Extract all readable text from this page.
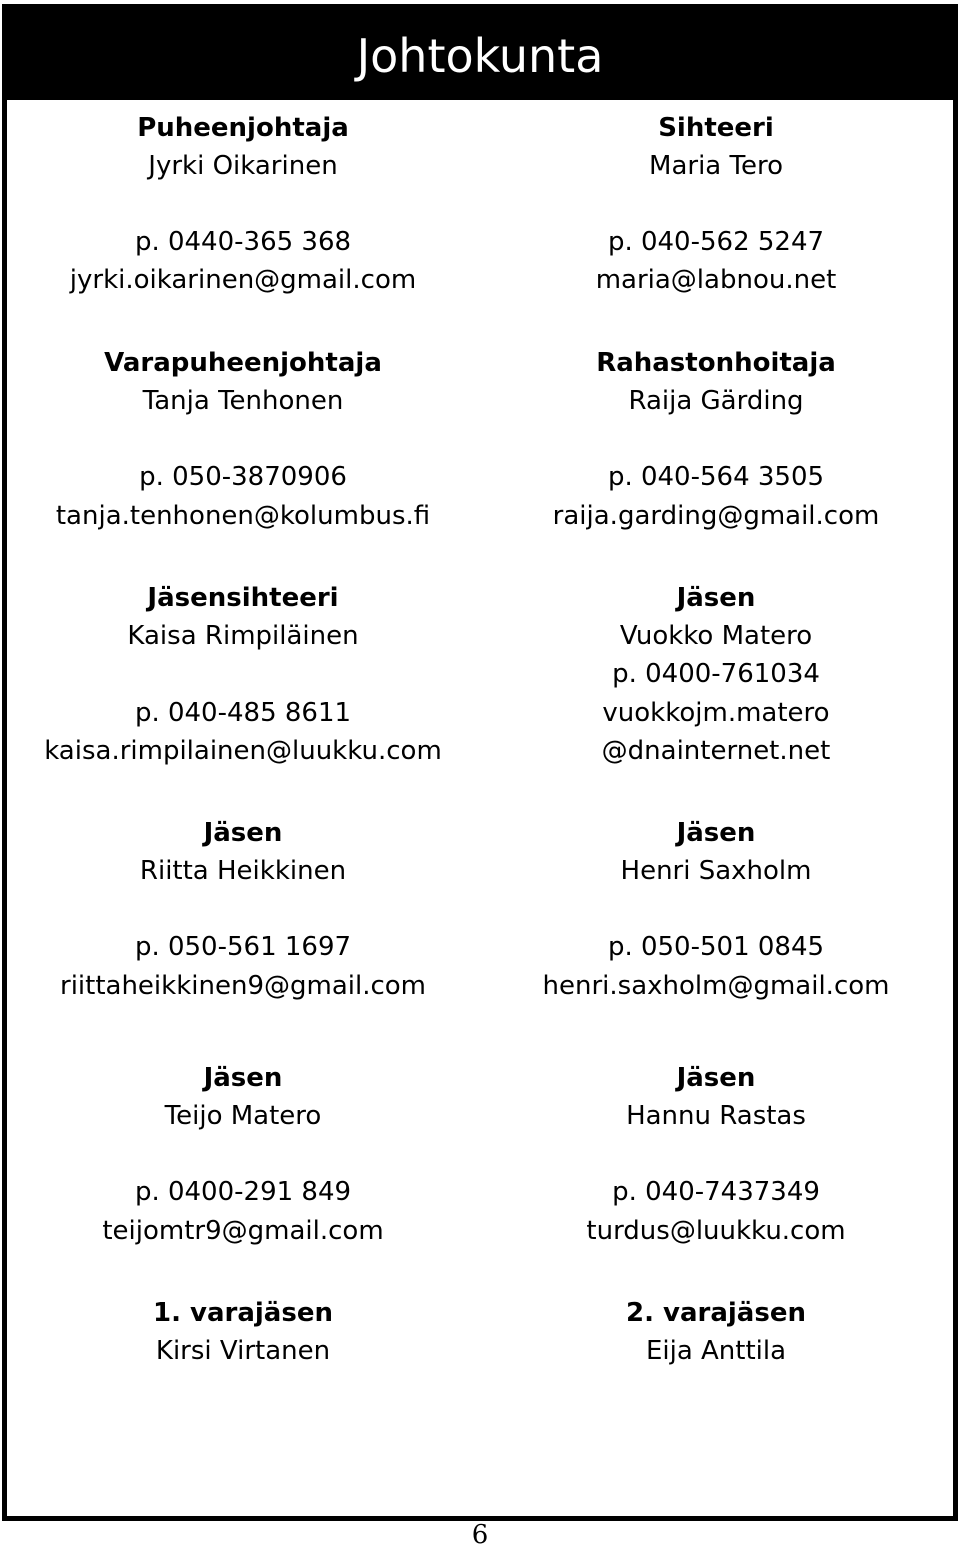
Johtokunta
Puheenjohtaja
Jyrki Oikarinen
p. 0440-365 368
jyrki.oikarinen@gmail.com
Varapuheenjohtaja
Tanja Tenhonen
p. 050-3870906
tanja.tenhonen@kolumbus.fi
Jäsensihteeri
Kaisa Rimpiläinen
p. 040-485 8611
kaisa.rimpilainen@luukku.com
Jäsen
Riitta Heikkinen
p. 050-561 1697
riittaheikkinen9@gmail.com
Jäsen
Teijo Matero
p. 0400-291 849
teijomtr9@gmail.com
1. varajäsen
Kirsi Virtanen
Sihteeri
Maria Tero
p. 040-562 5247
maria@labnou.net
Rahastonhoitaja
Raija Gärding
p. 040-564 3505
raija.garding@gmail.com
Jäsen
Vuokko Matero
p. 0400-761034
vuokkojm.matero
@dnainternet.net
Jäsen
Henri Saxholm
p. 050-501 0845
henri.saxholm@gmail.com
Jäsen
Hannu Rastas
p. 040-7437349
turdus@luukku.com
2. varajäsen
Eija Anttila
6
